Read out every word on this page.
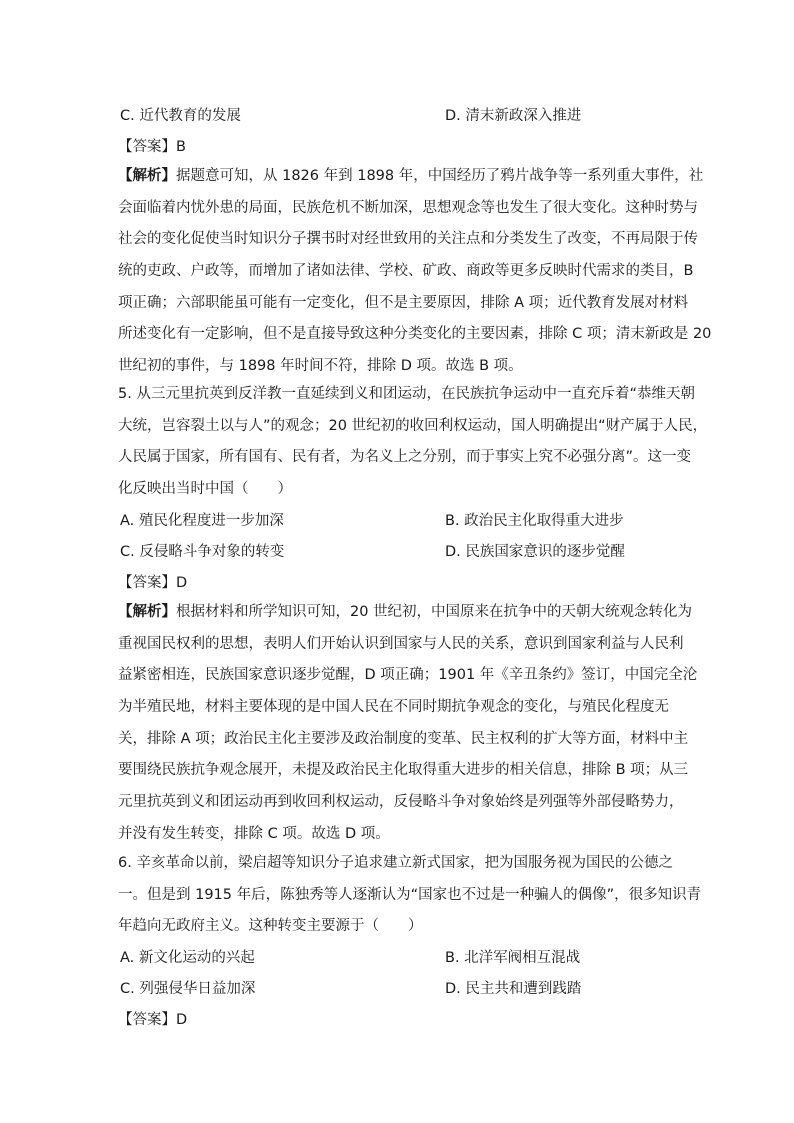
C. 近代教育的发展	D. 清末新政深入推进
【答案】B
【解析】据题意可知，从 1826 年到 1898 年，中国经历了鸦片战争等一系列重大事件，社
会面临着内忧外患的局面，民族危机不断加深，思想观念等也发生了很大变化。这种时势与
社会的变化促使当时知识分子撰书时对经世致用的关注点和分类发生了改变，不再局限于传
统的吏政、户政等，而增加了诸如法律、学校、矿政、商政等更多反映时代需求的类目，B
项正确；六部职能虽可能有一定变化，但不是主要原因，排除 A 项；近代教育发展对材料
所述变化有一定影响，但不是直接导致这种分类变化的主要因素，排除 C 项；清末新政是 20
世纪初的事件，与 1898 年时间不符，排除 D 项。故选 B 项。
5. 从三元里抗英到反洋教一直延续到义和团运动，在民族抗争运动中一直充斥着“恭维天朝
大统，岂容裂土以与人”的观念；20 世纪初的收回利权运动，国人明确提出“财产属于人民，
人民属于国家，所有国有、民有者，为名义上之分别，而于事实上究不必强分离”。这一变
化反映出当时中国（　　）
A. 殖民化程度进一步加深	B. 政治民主化取得重大进步
C. 反侵略斗争对象的转变	D. 民族国家意识的逐步觉醒
【答案】D
【解析】根据材料和所学知识可知，20 世纪初，中国原来在抗争中的天朝大统观念转化为
重视国民权利的思想，表明人们开始认识到国家与人民的关系，意识到国家利益与人民利
益紧密相连，民族国家意识逐步觉醒，D 项正确；1901 年《辛丑条约》签订，中国完全沦
为半殖民地，材料主要体现的是中国人民在不同时期抗争观念的变化，与殖民化程度无
关，排除 A 项；政治民主化主要涉及政治制度的变革、民主权利的扩大等方面，材料中主
要围绕民族抗争观念展开，未提及政治民主化取得重大进步的相关信息，排除 B 项；从三
元里抗英到义和团运动再到收回利权运动，反侵略斗争对象始终是列强等外部侵略势力，
并没有发生转变，排除 C 项。故选 D 项。
6. 辛亥革命以前，梁启超等知识分子追求建立新式国家，把为国服务视为国民的公德之
一。但是到 1915 年后，陈独秀等人逐渐认为“国家也不过是一种骗人的偶像”，很多知识青
年趋向无政府主义。这种转变主要源于（　　）
A. 新文化运动的兴起	B. 北洋军阀相互混战
C. 列强侵华日益加深	D. 民主共和遭到践踏
【答案】D
